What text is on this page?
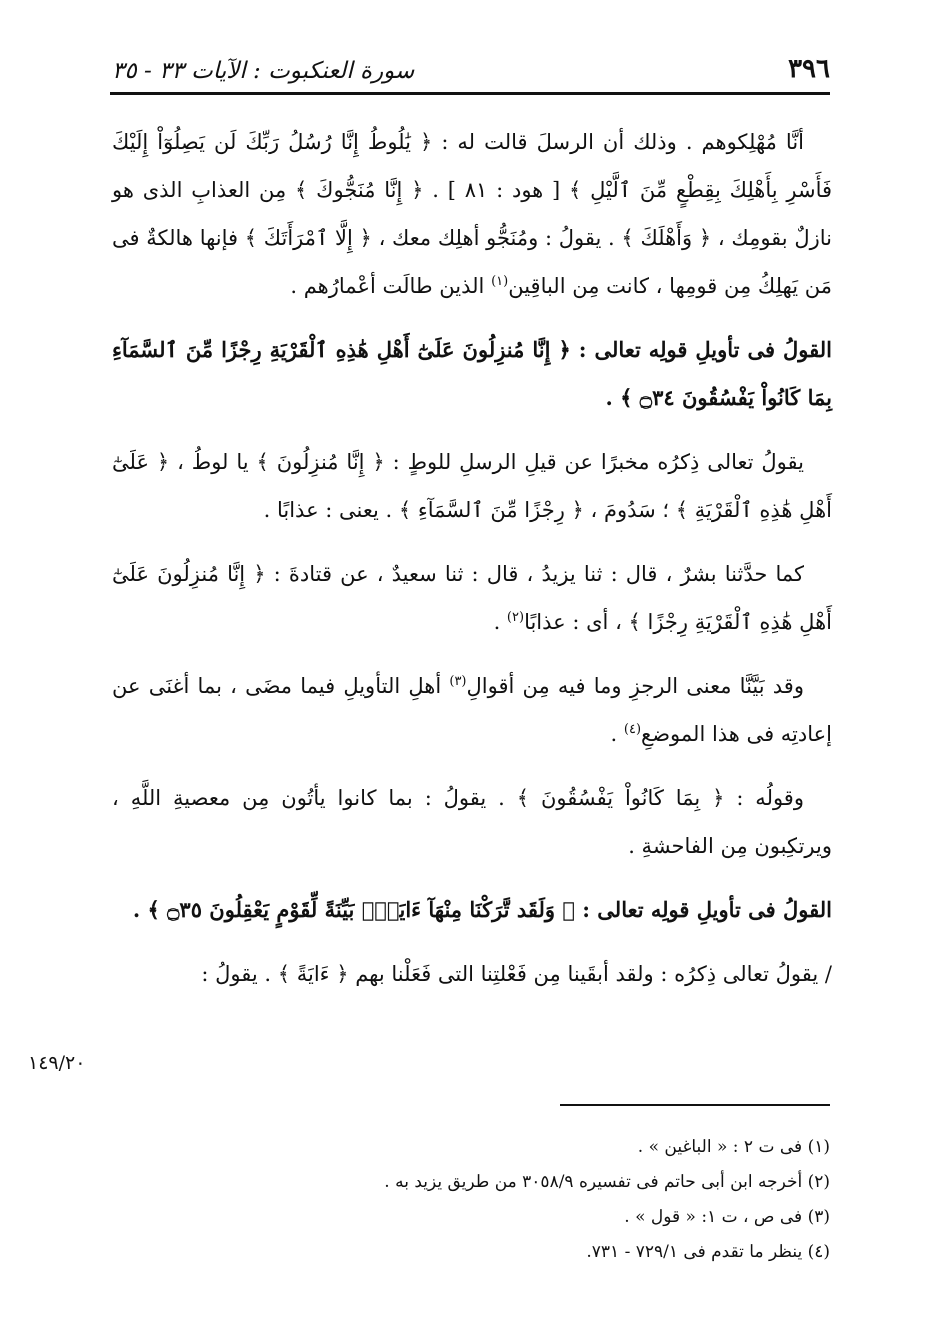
٣٩٦
سورة العنكبوت : الآيات ٣٣ - ٣٥

أنَّا مُهْلِكوهم . وذلك أن الرسلَ قالت له : ﴿ يَٰلُوطُ إِنَّا رُسُلُ رَبِّكَ لَن يَصِلُوٓاْ إِلَيْكَ فَأَسْرِ بِأَهْلِكَ بِقِطْعٍ مِّنَ ٱلَّيْلِ ﴾ [ هود : ٨١ ] . ﴿ إِنَّا مُنَجُّوكَ ﴾ مِن العذابِ الذى هو نازلٌ بقومِك ، ﴿ وَأَهْلَكَ ﴾ . يقولُ : ومُنَجُّو أهلِك معك ، ﴿ إِلَّا ٱمْرَأَتَكَ ﴾ فإنها هالكةٌ فى مَن يَهلِكُ مِن قومِها ، كانت مِن الباقِين$^{(١)}$ الذين طالَت أعْمارُهم .

القولُ فى تأويلِ قولِه تعالى : ﴿ إِنَّا مُنزِلُونَ عَلَىٰٓ أَهْلِ هَٰذِهِ ٱلْقَرْيَةِ رِجْزًا مِّنَ ٱلسَّمَآءِ بِمَا كَانُواْ يَفْسُقُونَ ۝٣٤ ﴾ .

يقولُ تعالى ذِكرُه مخبرًا عن قيلِ الرسلِ للوطٍ : ﴿ إِنَّا مُنزِلُونَ ﴾ يا لوطُ ، ﴿ عَلَىٰٓ أَهْلِ هَٰذِهِ ٱلْقَرْيَةِ ﴾ ؛ سَدُومَ ، ﴿ رِجْزًا مِّنَ ٱلسَّمَآءِ ﴾ . يعنى : عذابًا .

كما حدَّثنا بشرٌ ، قال : ثنا يزيدُ ، قال : ثنا سعيدٌ ، عن قتادةَ : ﴿ إِنَّا مُنزِلُونَ عَلَىٰٓ أَهْلِ هَٰذِهِ ٱلْقَرْيَةِ رِجْزًا ﴾ ، أى : عذابًا$^{(٢)}$ .

وقد بَيَّنَّا معنى الرجزِ وما فيه مِن أقوالِ$^{(٣)}$ أهلِ التأويلِ فيما مضَى ، بما أغنَى عن إعادتِه فى هذا الموضعِ$^{(٤)}$ .

وقولُه : ﴿ بِمَا كَانُواْ يَفْسُقُونَ ﴾ . يقولُ : بما كانوا يأتُون مِن معصيةِ اللَّهِ ، ويرتكِبون مِن الفاحشةِ .

القولُ فى تأويلِ قولِه تعالى : ﴿ وَلَقَد تَّرَكْنَا مِنْهَآ ءَايَةًۢ بَيِّنَةً لِّقَوْمٍ يَعْقِلُونَ ۝٣٥ ﴾ .

/ يقولُ تعالى ذِكرُه : ولقد أبقَينا مِن فَعْلتِنا التى فَعَلْنا بهم ﴿ ءَايَةً ﴾ . يقولُ :

١٤٩/٢٠

(١) فى ت ٢ : « الباغين » .

(٢) أخرجه ابن أبى حاتم فى تفسيره ٣٠٥٨/٩ من طريق يزيد به .

(٣) فى ص ، ت ١: « قول » .

(٤) ينظر ما تقدم فى ٧٢٩/١ - ٧٣١.
